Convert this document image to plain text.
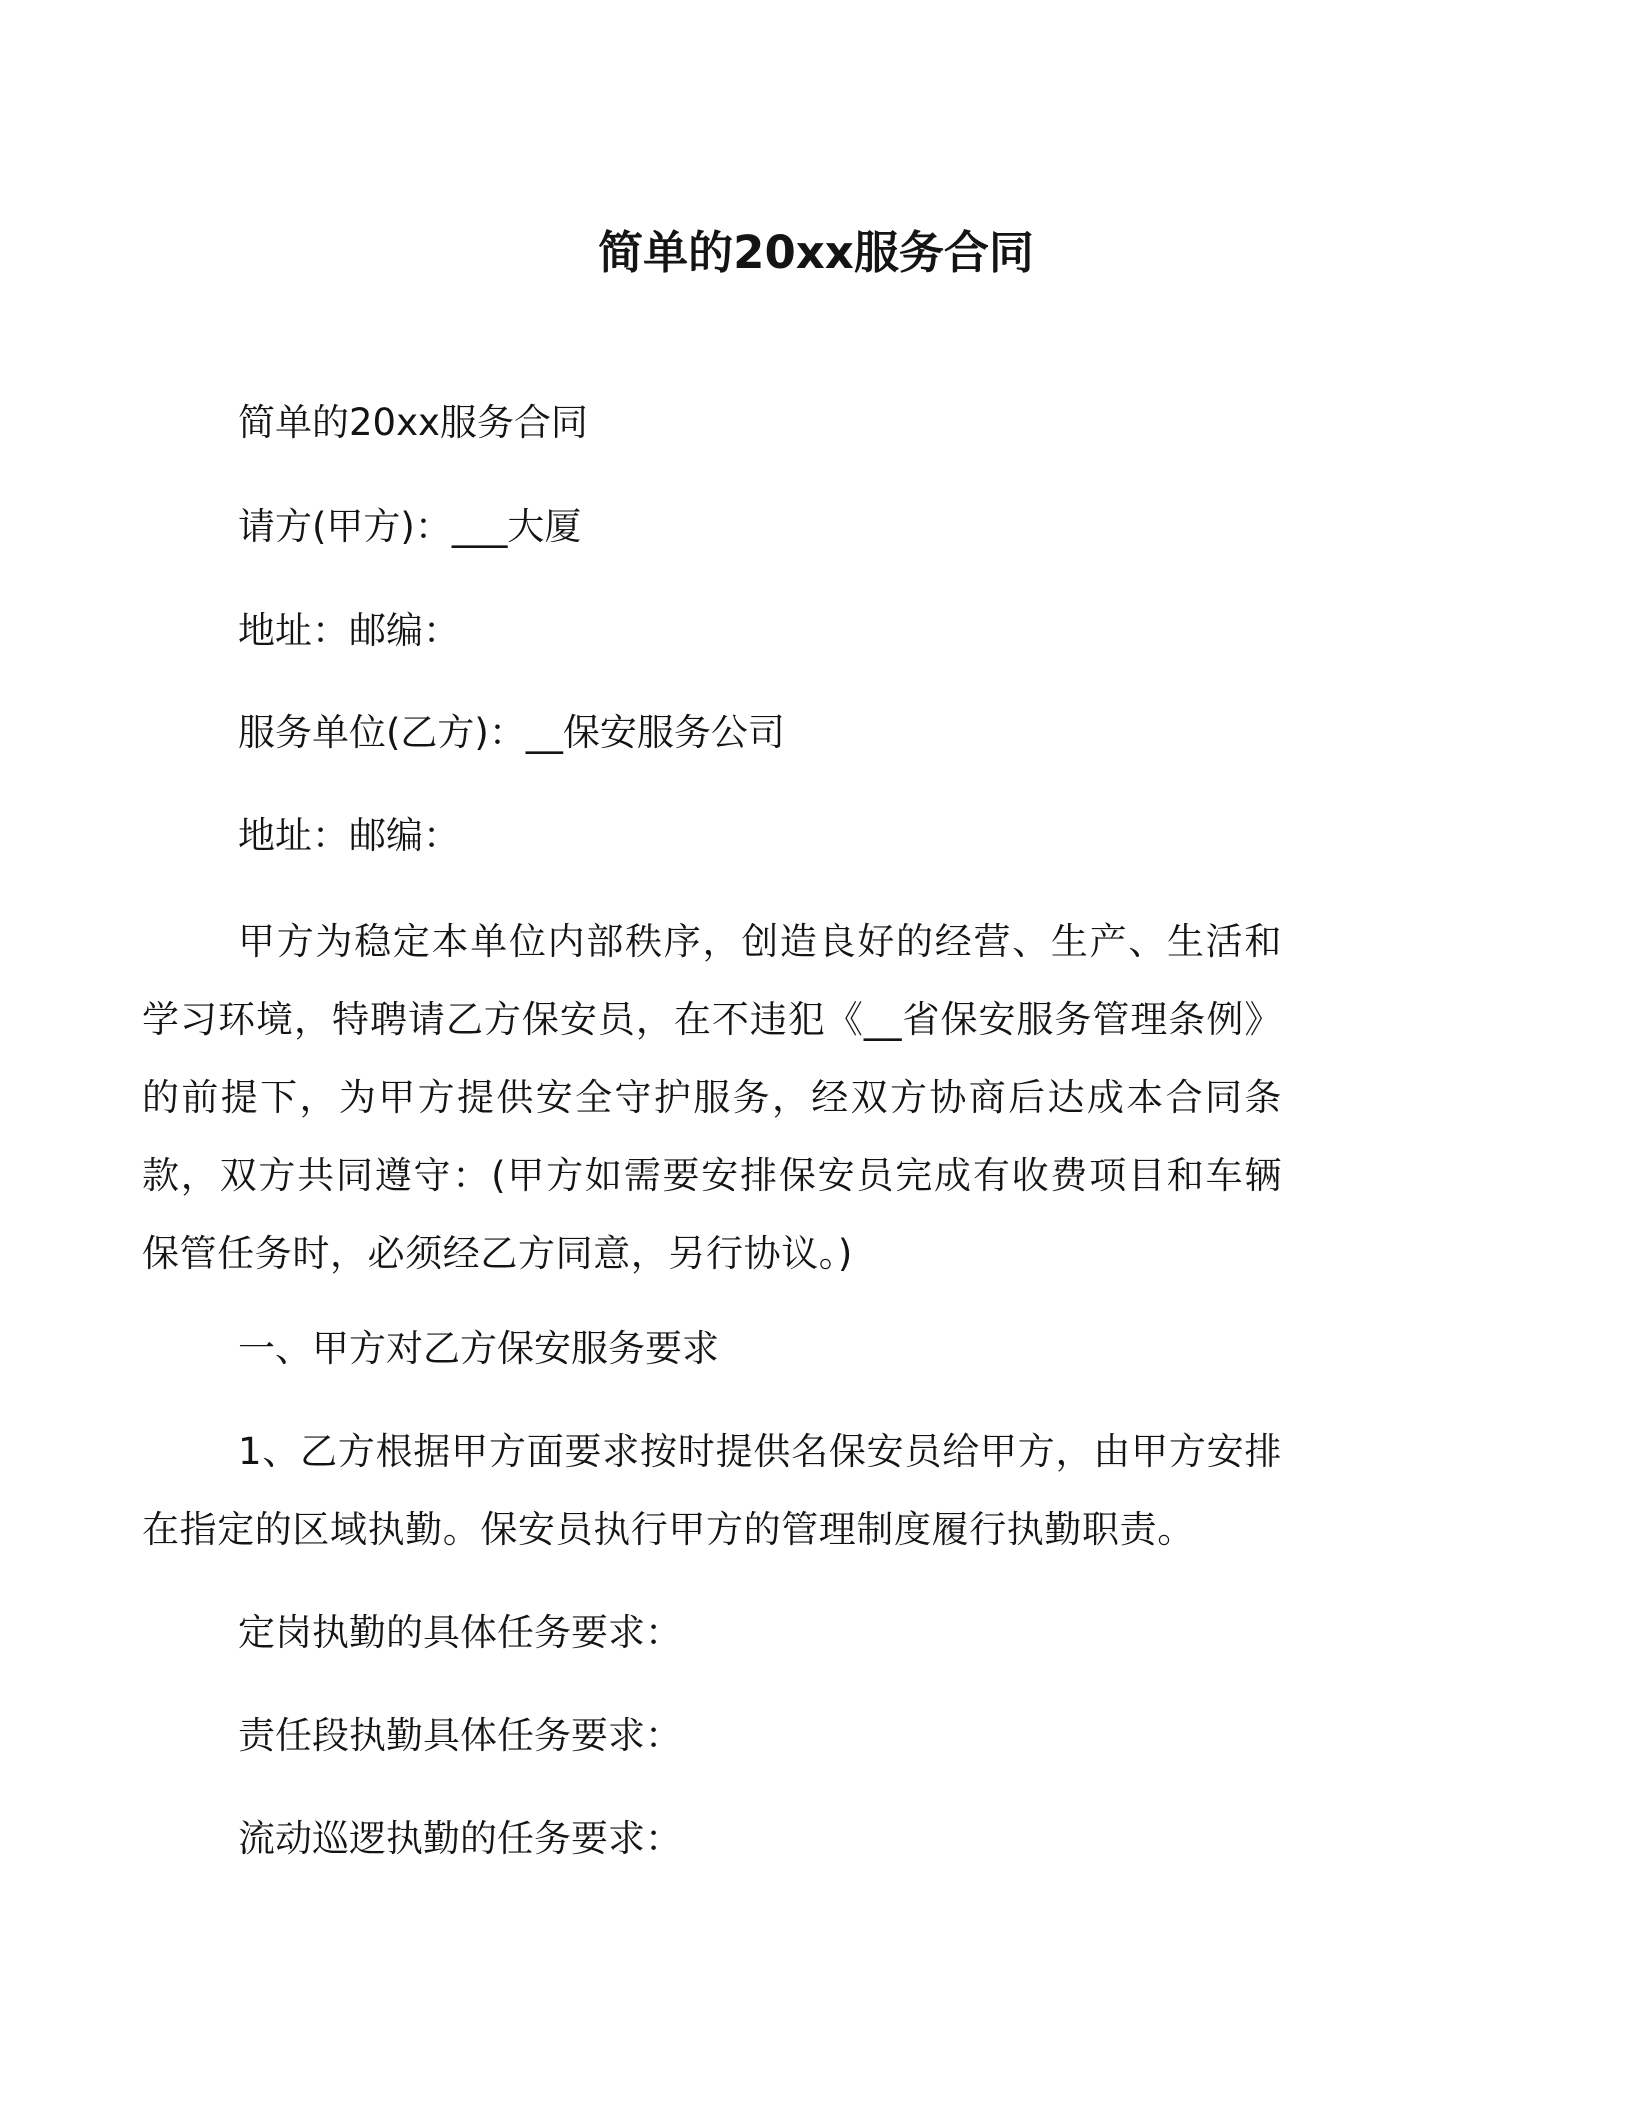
简单的20xx服务合同

简单的20xx服务合同

请方(甲方)：___大厦

地址：邮编：

服务单位(乙方)：__保安服务公司

地址：邮编：

甲方为稳定本单位内部秩序，创造良好的经营、生产、生活和学习环境，特聘请乙方保安员，在不违犯《__省保安服务管理条例》的前提下，为甲方提供安全守护服务，经双方协商后达成本合同条款，双方共同遵守：(甲方如需要安排保安员完成有收费项目和车辆保管任务时，必须经乙方同意，另行协议。)

一、甲方对乙方保安服务要求

1、乙方根据甲方面要求按时提供名保安员给甲方，由甲方安排在指定的区域执勤。保安员执行甲方的管理制度履行执勤职责。

定岗执勤的具体任务要求：

责任段执勤具体任务要求：

流动巡逻执勤的任务要求：
